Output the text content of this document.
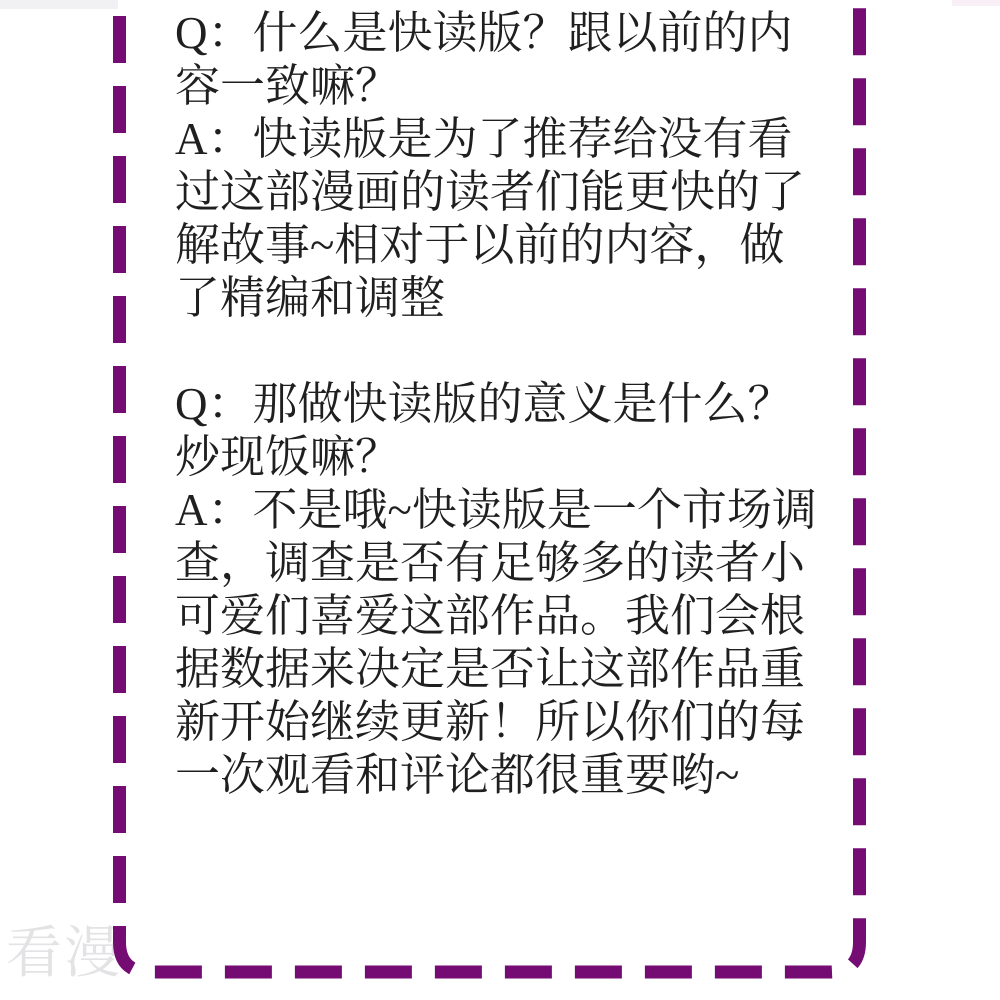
看漫
Q：什么是快读版？跟以前的内
容一致嘛？
A：快读版是为了推荐给没有看
过这部漫画的读者们能更快的了
解故事~相对于以前的内容，做
了精编和调整
Q：那做快读版的意义是什么？
炒现饭嘛？
A：不是哦~快读版是一个市场调
查，调查是否有足够多的读者小
可爱们喜爱这部作品。我们会根
据数据来决定是否让这部作品重
新开始继续更新！所以你们的每
一次观看和评论都很重要哟~
